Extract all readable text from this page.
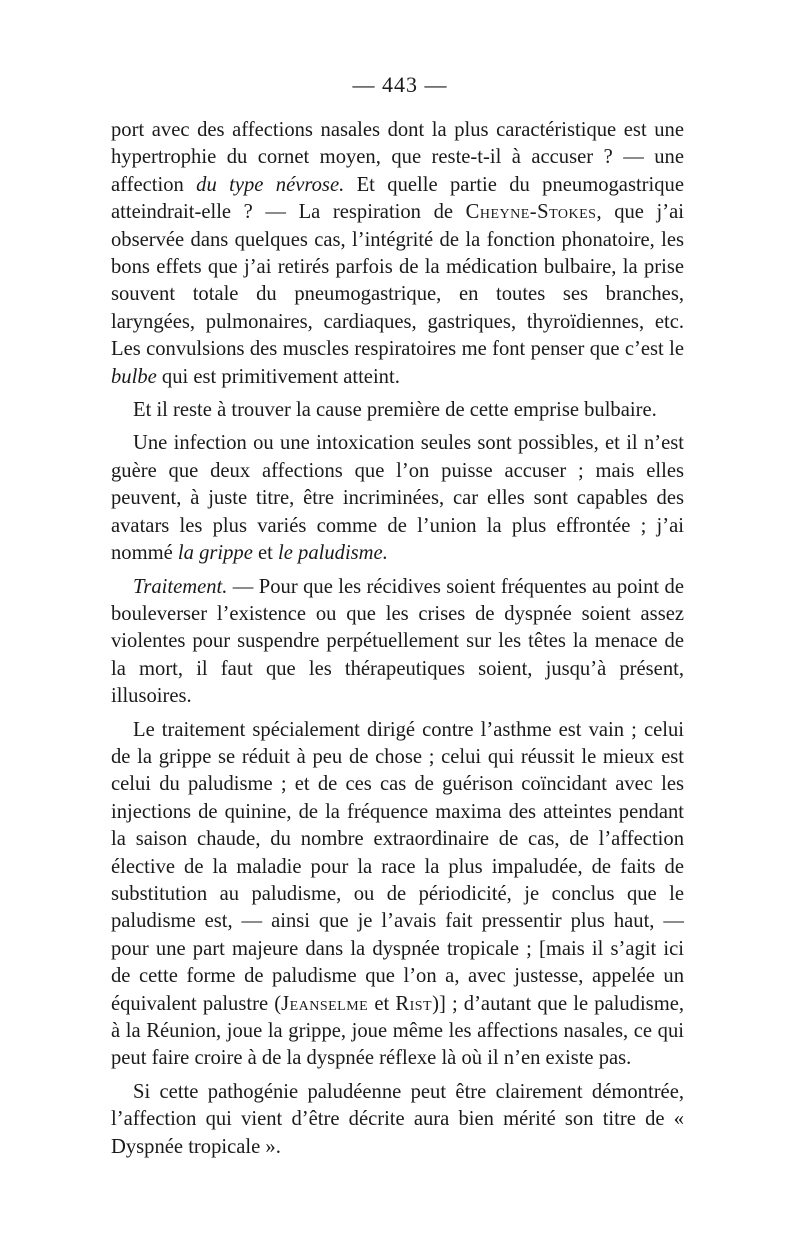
— 443 —

port avec des affections nasales dont la plus caractéristique est une hypertrophie du cornet moyen, que reste-t-il à accuser ? — une affection du type névrose. Et quelle partie du pneumogastrique atteindrait-elle ? — La respiration de Cheyne-Stokes, que j’ai observée dans quelques cas, l’intégrité de la fonction phonatoire, les bons effets que j’ai retirés parfois de la médication bulbaire, la prise souvent totale du pneumogastrique, en toutes ses branches, laryngées, pulmonaires, cardiaques, gastriques, thyroïdiennes, etc. Les convulsions des muscles respiratoires me font penser que c’est le bulbe qui est primitivement atteint.

Et il reste à trouver la cause première de cette emprise bulbaire.

Une infection ou une intoxication seules sont possibles, et il n’est guère que deux affections que l’on puisse accuser ; mais elles peuvent, à juste titre, être incriminées, car elles sont capables des avatars les plus variés comme de l’union la plus effrontée ; j’ai nommé la grippe et le paludisme.

Traitement. — Pour que les récidives soient fréquentes au point de bouleverser l’existence ou que les crises de dyspnée soient assez violentes pour suspendre perpétuellement sur les têtes la menace de la mort, il faut que les thérapeutiques soient, jusqu’à présent, illusoires.

Le traitement spécialement dirigé contre l’asthme est vain ; celui de la grippe se réduit à peu de chose ; celui qui réussit le mieux est celui du paludisme ; et de ces cas de guérison coïncidant avec les injections de quinine, de la fréquence maxima des atteintes pendant la saison chaude, du nombre extraordinaire de cas, de l’affection élective de la maladie pour la race la plus impaludée, de faits de substitution au paludisme, ou de périodicité, je conclus que le paludisme est, — ainsi que je l’avais fait pressentir plus haut, — pour une part majeure dans la dyspnée tropicale ; [mais il s’agit ici de cette forme de paludisme que l’on a, avec justesse, appelée un équivalent palustre (Jeanselme et Rist)] ; d’autant que le paludisme, à la Réunion, joue la grippe, joue même les affections nasales, ce qui peut faire croire à de la dyspnée réflexe là où il n’en existe pas.

Si cette pathogénie paludéenne peut être clairement démontrée, l’affection qui vient d’être décrite aura bien mérité son titre de « Dyspnée tropicale ».
